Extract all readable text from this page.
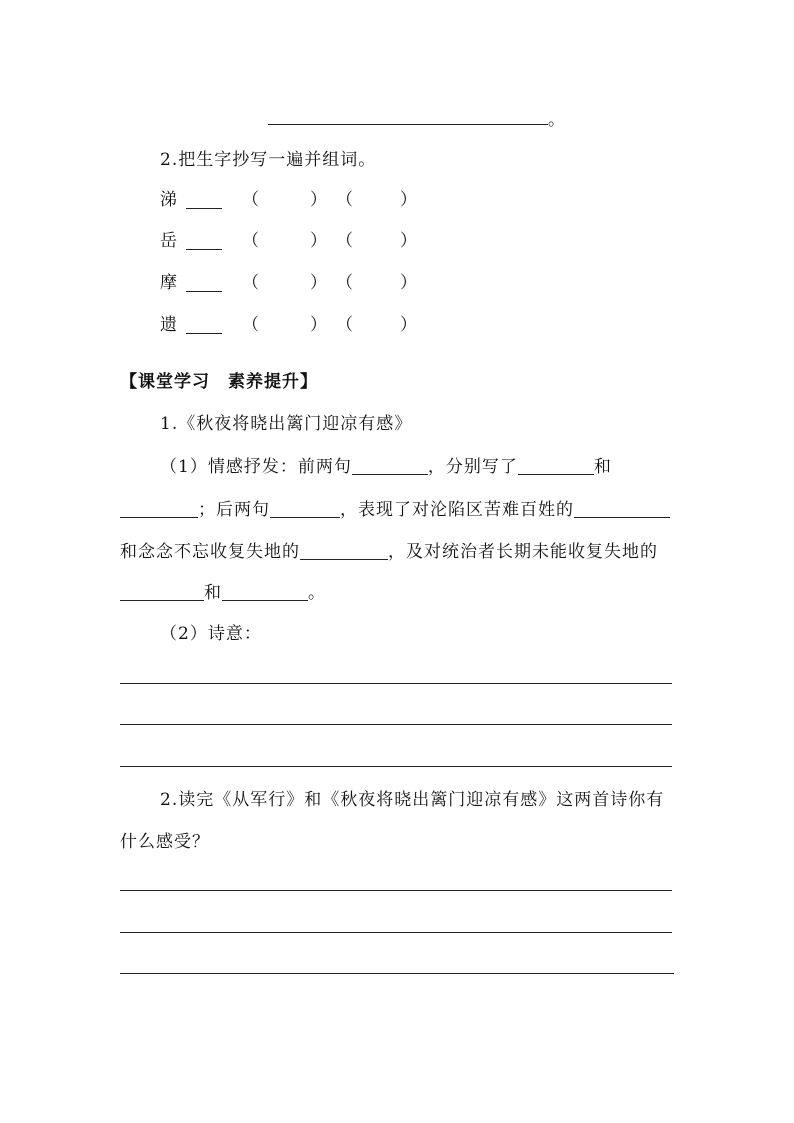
。
2.把生字抄写一遍并组词。
涕	（	） （	）
岳	（	） （	）
摩	（	） （	）
遗	（	） （	）
【课堂学习　素养提升】
1.《秋夜将晓出篱门迎凉有感》
（1）情感抒发：前两句	，分别写了	和
；后两句	，表现了对沦陷区苦难百姓的
和念念不忘收复失地的	，及对统治者长期未能收复失地的
和	。
（2）诗意：
2.读完《从军行》和《秋夜将晓出篱门迎凉有感》这两首诗你有
什么感受？
